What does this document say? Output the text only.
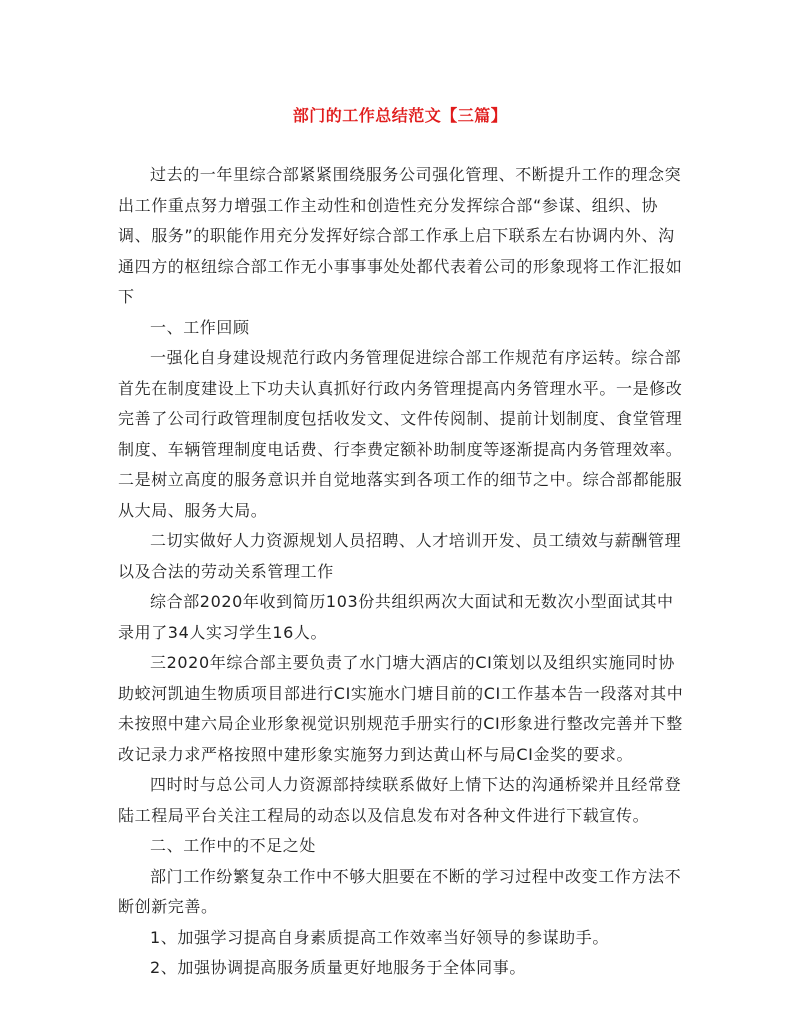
部门的工作总结范文【三篇】

过去的一年里综合部紧紧围绕服务公司强化管理、不断提升工作的理念突出工作重点努力增强工作主动性和创造性充分发挥综合部“参谋、组织、协调、服务”的职能作用充分发挥好综合部工作承上启下联系左右协调内外、沟通四方的枢纽综合部工作无小事事事处处都代表着公司的形象现将工作汇报如下

一、工作回顾

一强化自身建设规范行政内务管理促进综合部工作规范有序运转。综合部首先在制度建设上下功夫认真抓好行政内务管理提高内务管理水平。一是修改完善了公司行政管理制度包括收发文、文件传阅制、提前计划制度、食堂管理制度、车辆管理制度电话费、行李费定额补助制度等逐渐提高内务管理效率。二是树立高度的服务意识并自觉地落实到各项工作的细节之中。综合部都能服从大局、服务大局。

二切实做好人力资源规划人员招聘、人才培训开发、员工绩效与薪酬管理以及合法的劳动关系管理工作

综合部2020年收到简历103份共组织两次大面试和无数次小型面试其中录用了34人实习学生16人。

三2020年综合部主要负责了水门塘大酒店的CI策划以及组织实施同时协助蛟河凯迪生物质项目部进行CI实施水门塘目前的CI工作基本告一段落对其中未按照中建六局企业形象视觉识别规范手册实行的CI形象进行整改完善并下整改记录力求严格按照中建形象实施努力到达黄山杯与局CI金奖的要求。

四时时与总公司人力资源部持续联系做好上情下达的沟通桥梁并且经常登陆工程局平台关注工程局的动态以及信息发布对各种文件进行下载宣传。

二、工作中的不足之处

部门工作纷繁复杂工作中不够大胆要在不断的学习过程中改变工作方法不断创新完善。

1、加强学习提高自身素质提高工作效率当好领导的参谋助手。

2、加强协调提高服务质量更好地服务于全体同事。
